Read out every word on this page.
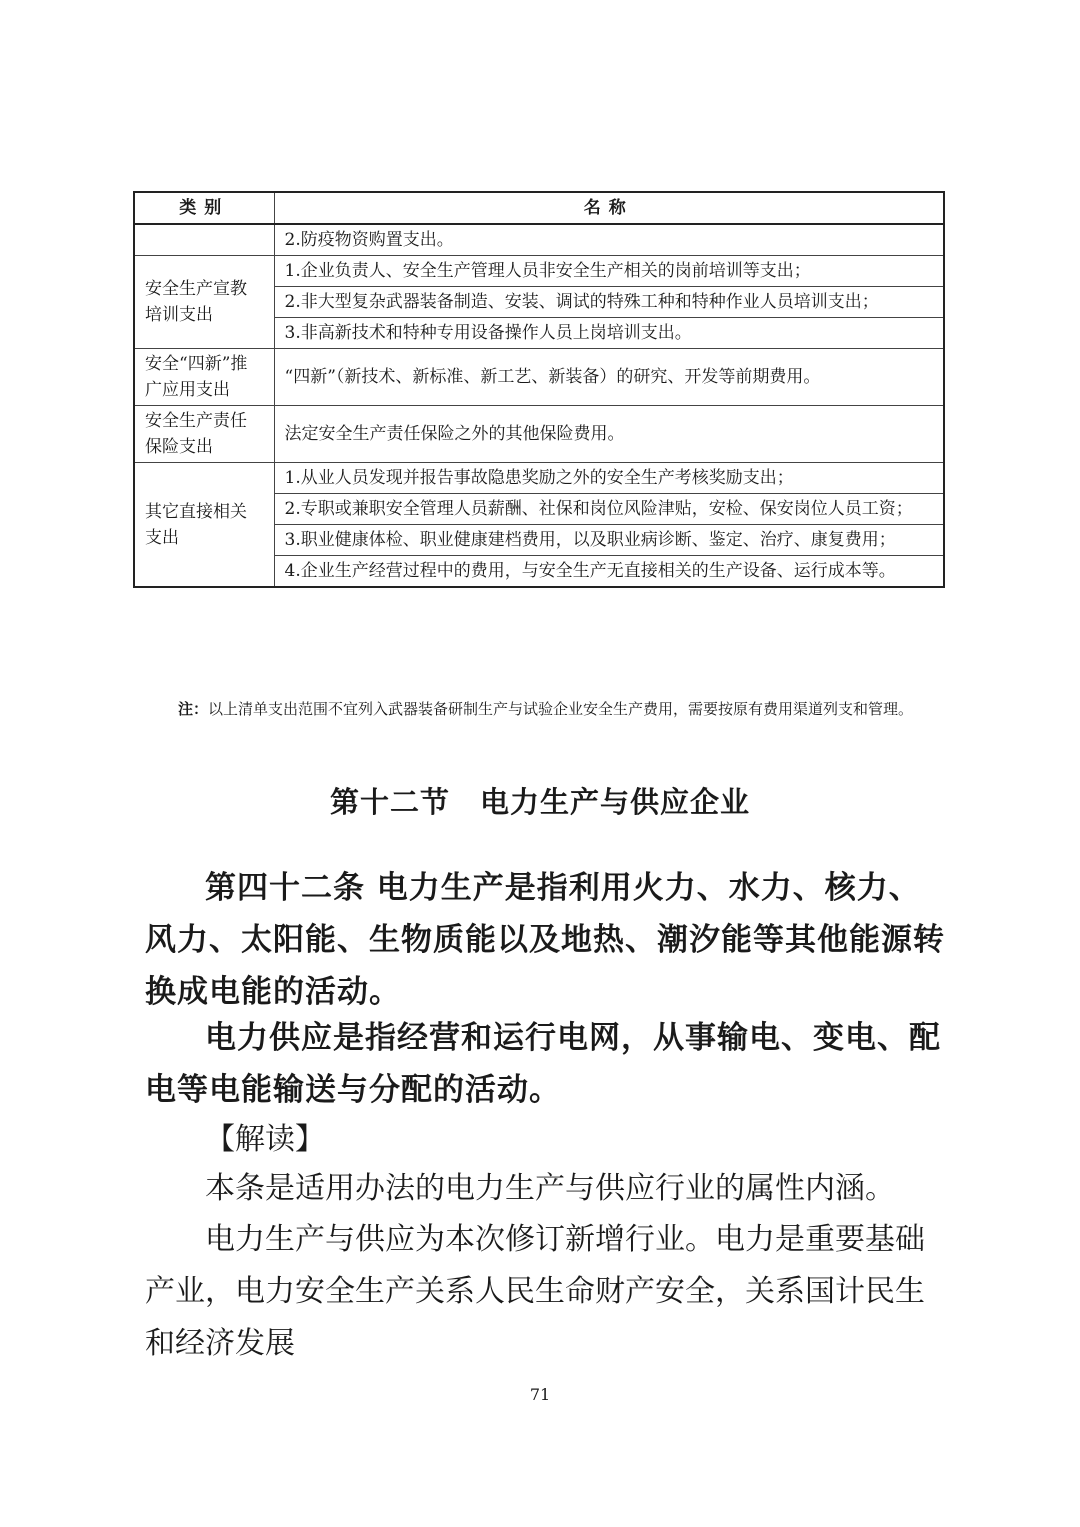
类别	名称
	2.防疫物资购置支出。
安全生产宣教培训支出	1.企业负责人、安全生产管理人员非安全生产相关的岗前培训等支出；
	2.非大型复杂武器装备制造、安装、调试的特殊工种和特种作业人员培训支出；
	3.非高新技术和特种专用设备操作人员上岗培训支出。
安全“四新”推广应用支出	“四新”（新技术、新标准、新工艺、新装备）的研究、开发等前期费用。
安全生产责任保险支出	法定安全生产责任保险之外的其他保险费用。
其它直接相关支出	1.从业人员发现并报告事故隐患奖励之外的安全生产考核奖励支出；
	2.专职或兼职安全管理人员薪酬、社保和岗位风险津贴，安检、保安岗位人员工资；
	3.职业健康体检、职业健康建档费用，以及职业病诊断、鉴定、治疗、康复费用；
	4.企业生产经营过程中的费用，与安全生产无直接相关的生产设备、运行成本等。
注：以上清单支出范围不宜列入武器装备研制生产与试验企业安全生产费用，需要按原有费用渠道列支和管理。
第十二节 电力生产与供应企业

第四十二条 电力生产是指利用火力、水力、核力、风力、太阳能、生物质能以及地热、潮汐能等其他能源转换成电能的活动。

电力供应是指经营和运行电网，从事输电、变电、配电等电能输送与分配的活动。

【解读】

本条是适用办法的电力生产与供应行业的属性内涵。

电力生产与供应为本次修订新增行业。电力是重要基础产业，电力安全生产关系人民生命财产安全，关系国计民生和经济发展

71
